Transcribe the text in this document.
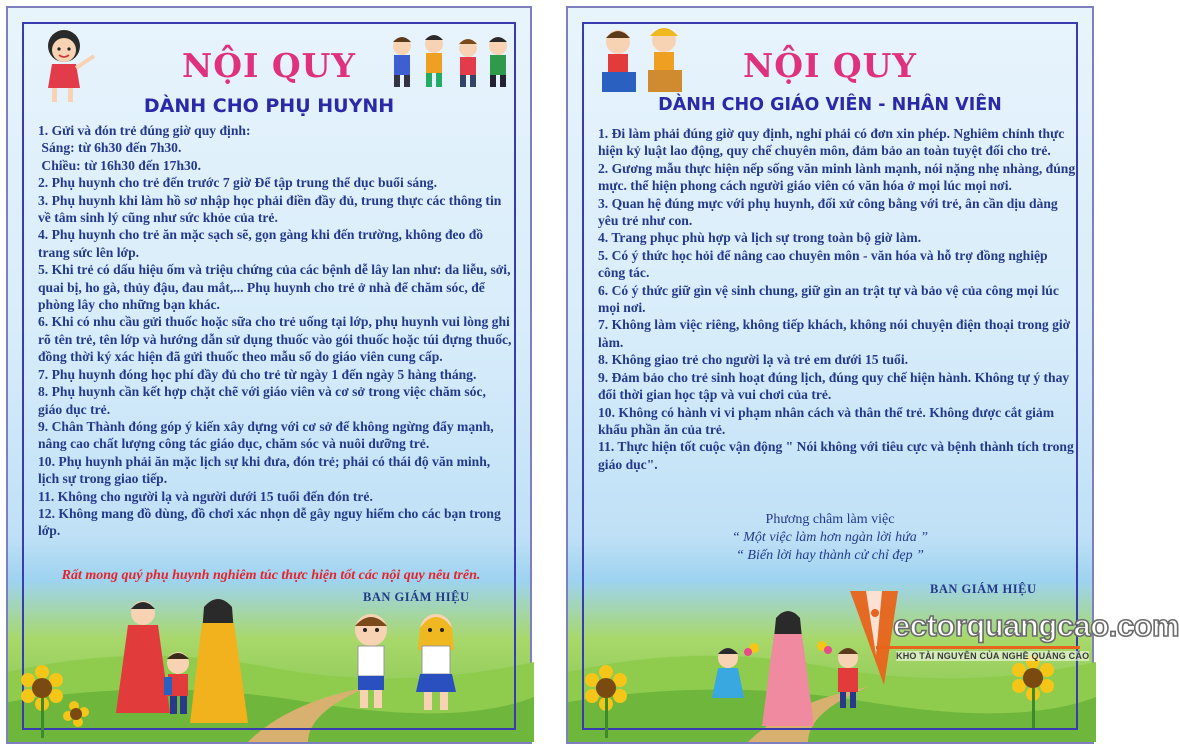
NỘI QUY
DÀNH CHO PHỤ HUYNH

1. Gửi và đón trẻ đúng giờ quy định:

Sáng: từ 6h30 đến 7h30.

Chiều: từ 16h30 đến 17h30.

2. Phụ huynh cho trẻ đến trước 7 giờ Để tập trung thể dục buổi sáng.

3. Phụ huynh khi làm hồ sơ nhập học phải điền đầy đủ, trung thực các thông tin về tâm sinh lý cũng như sức khỏe của trẻ.

4. Phụ huynh cho trẻ ăn mặc sạch sẽ, gọn gàng khi đến trường, không đeo đồ trang sức lên lớp.

5. Khi trẻ có dấu hiệu ốm và triệu chứng của các bệnh dễ lây lan như: da liễu, sởi, quai bị, ho gà, thủy đậu, đau mắt,... Phụ huynh cho trẻ ở nhà để chăm sóc, để phòng lây cho những bạn khác.

6. Khi có nhu cầu gửi thuốc hoặc sữa cho trẻ uống tại lớp, phụ huynh vui lòng ghi rõ tên trẻ, tên lớp và hướng dẫn sử dụng thuốc vào gói thuốc hoặc túi đựng thuốc, đồng thời ký xác hiện đã gửi thuốc theo mẫu sổ do giáo viên cung cấp.

7. Phụ huynh đóng học phí đầy đủ cho trẻ từ ngày 1 đến ngày 5 hàng tháng.

8. Phụ huynh cần kết hợp chặt chẽ với giáo viên và cơ sở trong việc chăm sóc, giáo dục trẻ.

9. Chân Thành đóng góp ý kiến xây dựng với cơ sở để không ngừng đẩy mạnh, nâng cao chất lượng công tác giáo dục, chăm sóc và nuôi dưỡng trẻ.

10. Phụ huynh phải ăn mặc lịch sự khi đưa, đón trẻ; phải có thái độ văn minh, lịch sự trong giao tiếp.

11. Không cho người lạ và người dưới 15 tuổi đến đón trẻ.

12. Không mang đồ dùng, đồ chơi xác nhọn dễ gây nguy hiểm cho các bạn trong lớp.

Rất mong quý phụ huynh nghiêm túc thực hiện tốt các nội quy nêu trên.
BAN GIÁM HIỆU
NỘI QUY
DÀNH CHO GIÁO VIÊN - NHÂN VIÊN

1. Đi làm phải đúng giờ quy định, nghỉ phải có đơn xin phép. Nghiêm chỉnh thực hiện kỷ luật lao động, quy chế chuyên môn, đảm bảo an toàn tuyệt đối cho trẻ.

2. Gương mẫu thực hiện nếp sống văn minh lành mạnh, nói nặng nhẹ nhàng, đúng mực. thể hiện phong cách người giáo viên có văn hóa ở mọi lúc mọi nơi.

3. Quan hệ đúng mực với phụ huynh, đối xử công bằng với trẻ, ân cần dịu dàng yêu trẻ như con.

4. Trang phục phù hợp và lịch sự trong toàn bộ giờ làm.

5. Có ý thức học hỏi để nâng cao chuyên môn - văn hóa và hỗ trợ đồng nghiệp công tác.

6. Có ý thức giữ gìn vệ sinh chung, giữ gìn an trật tự và bảo vệ của công mọi lúc mọi nơi.

7. Không làm việc riêng, không tiếp khách, không nói chuyện điện thoại trong giờ làm.

8. Không giao trẻ cho người lạ và trẻ em dưới 15 tuổi.

9. Đảm bảo cho trẻ sinh hoạt đúng lịch, đúng quy chế hiện hành. Không tự ý thay đổi thời gian học tập và vui chơi của trẻ.

10. Không có hành vi vi phạm nhân cách và thân thể trẻ. Không được cắt giảm khẩu phần ăn của trẻ.

11. Thực hiện tốt cuộc vận động " Nói không với tiêu cực và bệnh thành tích trong giáo dục".

Phương châm làm việc
“ Một việc làm hơn ngàn lời hứa ”
“ Biến lời hay thành cử chỉ đẹp ”
BAN GIÁM HIỆU
ectorquangcao.com
KHO TÀI NGUYÊN CỦA NGHỀ QUẢNG CÁO
